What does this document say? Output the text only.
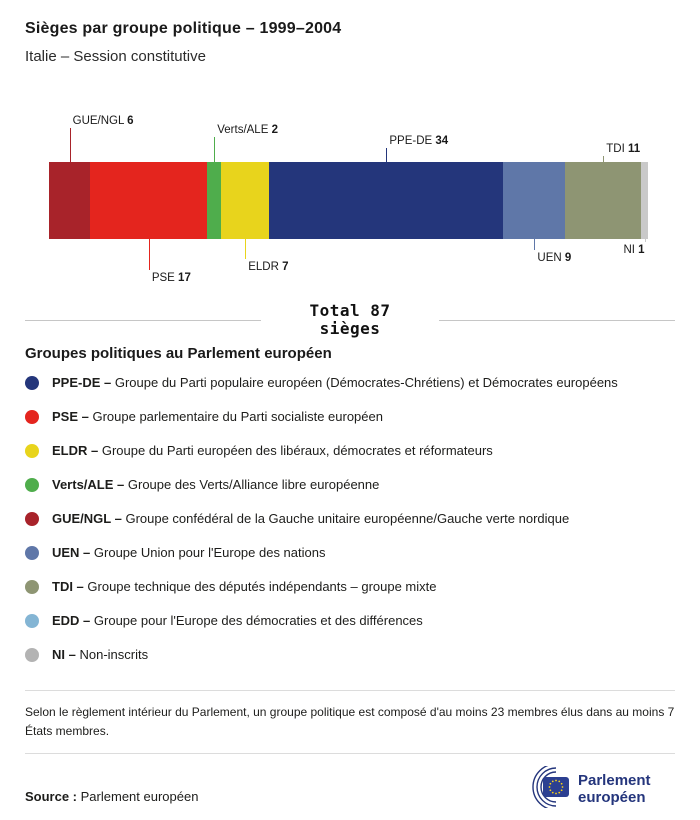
Sièges par groupe politique – 1999–2004
Italie – Session constitutive
GUE/NGL 6
PSE 17
Verts/ALE 2
ELDR 7
PPE-DE 34
UEN 9
TDI 11
NI 1
Total 87
sièges
Groupes politiques au Parlement européen
PPE-DE – Groupe du Parti populaire européen (Démocrates-Chrétiens) et Démocrates européens
PSE – Groupe parlementaire du Parti socialiste européen
ELDR – Groupe du Parti européen des libéraux, démocrates et réformateurs
Verts/ALE – Groupe des Verts/Alliance libre européenne
GUE/NGL – Groupe confédéral de la Gauche unitaire européenne/Gauche verte nordique
UEN – Groupe Union pour l'Europe des nations
TDI – Groupe technique des députés indépendants – groupe mixte
EDD – Groupe pour l'Europe des démocraties et des différences
NI – Non-inscrits
Selon le règlement intérieur du Parlement, un groupe politique est composé d'au moins 23 membres élus dans au moins 7 États membres.
Source : Parlement européen
Parlement
européen
